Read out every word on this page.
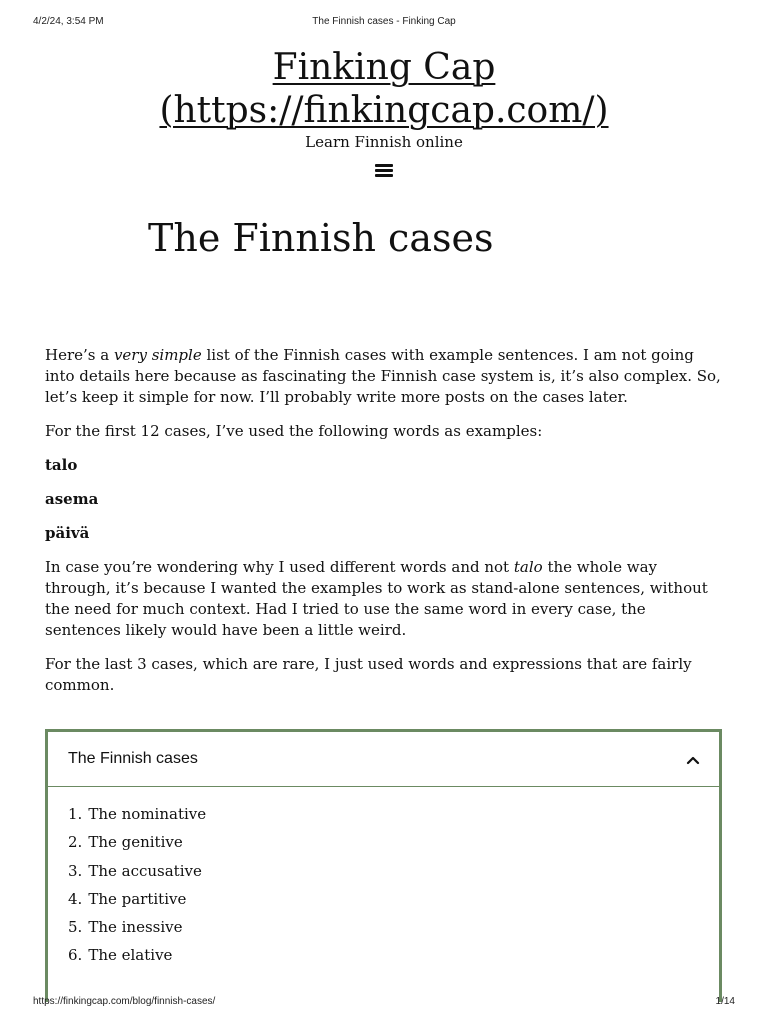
4/2/24, 3:54 PM	The Finnish cases - Finking Cap
Finking Cap (https://finkingcap.com/)
Learn Finnish online
The Finnish cases

Here’s a very simple list of the Finnish cases with example sentences. I am not going into details here because as fascinating the Finnish case system is, it’s also complex. So, let’s keep it simple for now. I’ll probably write more posts on the cases later.

For the first 12 cases, I’ve used the following words as examples:

talo

asema

päivä

In case you’re wondering why I used different words and not talo the whole way through, it’s because I wanted the examples to work as stand-alone sentences, without the need for much context. Had I tried to use the same word in every case, the sentences likely would have been a little weird.

For the last 3 cases, which are rare, I just used words and expressions that are fairly common.

The Finnish cases
1. The nominative
2. The genitive
3. The accusative
4. The partitive
5. The inessive
6. The elative
https://finkingcap.com/blog/finnish-cases/	1/14
